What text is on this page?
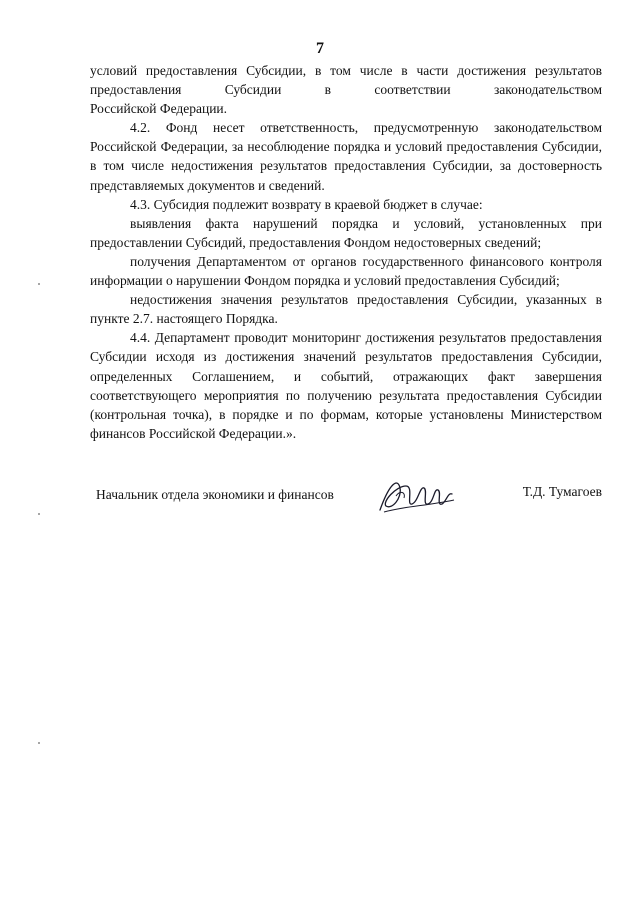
7

условий предоставления Субсидии, в том числе в части достижения результатов

предоставления Субсидии в соответствии законодательством

Российской Федерации.

4.2. Фонд несет ответственность, предусмотренную законодательством Российской Федерации, за несоблюдение порядка и условий предоставления Субсидии, в том числе недостижения результатов предоставления Субсидии, за достоверность представляемых документов и сведений.

4.3. Субсидия подлежит возврату в краевой бюджет в случае:

выявления факта нарушений порядка и условий, установленных при предоставлении Субсидий, предоставления Фондом недостоверных сведений;

получения Департаментом от органов государственного финансового контроля информации о нарушении Фондом порядка и условий предоставления Субсидий;

недостижения значения результатов предоставления Субсидии, указанных в пункте 2.7. настоящего Порядка.

4.4. Департамент проводит мониторинг достижения результатов предоставления Субсидии исходя из достижения значений результатов предоставления Субсидии, определенных Соглашением, и событий, отражающих факт завершения соответствующего мероприятия по получению результата предоставления Субсидии (контрольная точка), в порядке и по формам, которые установлены Министерством финансов Российской Федерации.».

Начальник отдела экономики и финансов	Т.Д. Тумагоев
